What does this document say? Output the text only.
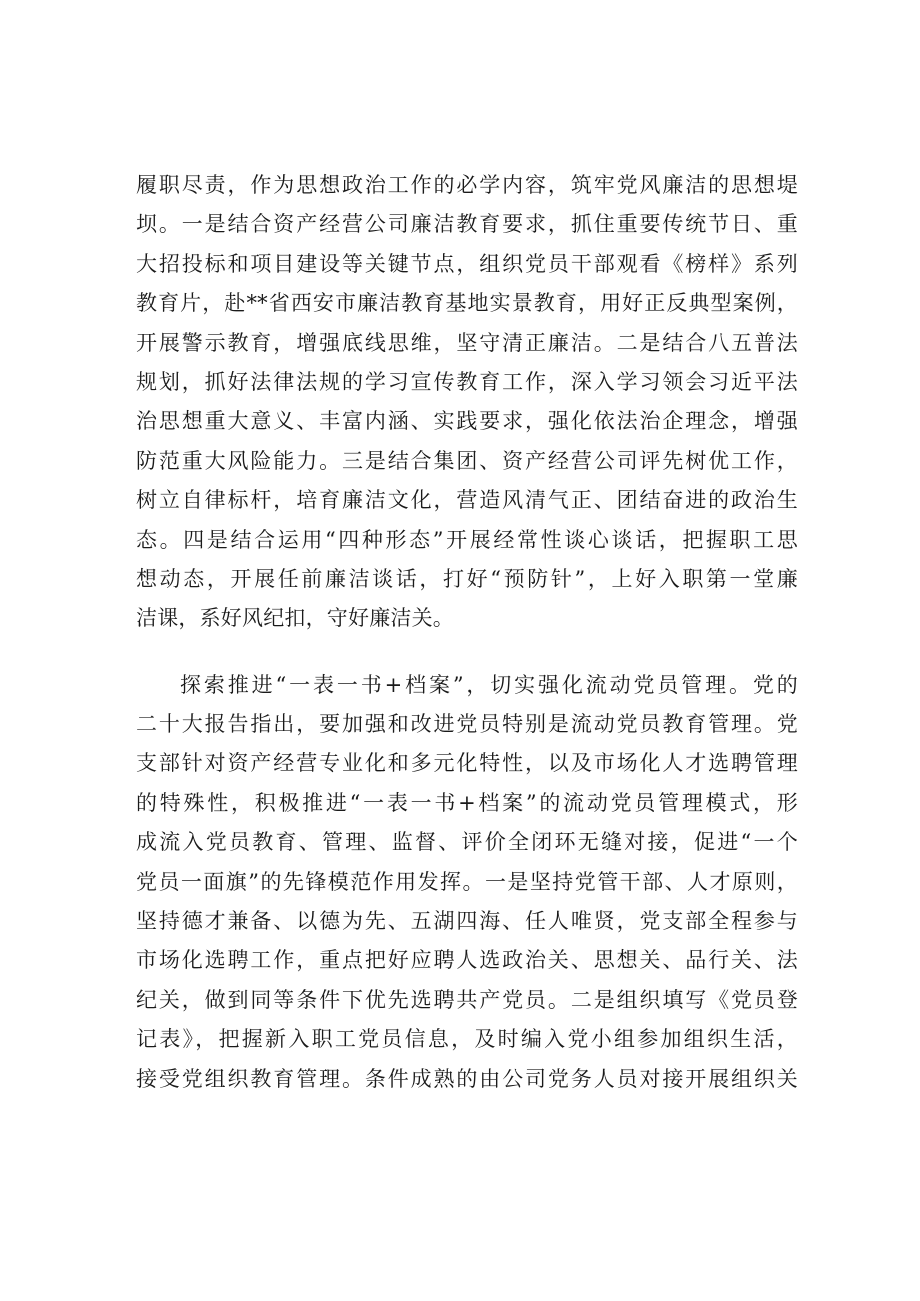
履职尽责，作为思想政治工作的必学内容，筑牢党风廉洁的思想堤
坝。一是结合资产经营公司廉洁教育要求，抓住重要传统节日、重
大招投标和项目建设等关键节点，组织党员干部观看《榜样》系列
教育片，赴**省西安市廉洁教育基地实景教育，用好正反典型案例，
开展警示教育，增强底线思维，坚守清正廉洁。二是结合八五普法
规划，抓好法律法规的学习宣传教育工作，深入学习领会习近平法
治思想重大意义、丰富内涵、实践要求，强化依法治企理念，增强
防范重大风险能力。三是结合集团、资产经营公司评先树优工作，
树立自律标杆，培育廉洁文化，营造风清气正、团结奋进的政治生
态。四是结合运用“四种形态”开展经常性谈心谈话，把握职工思
想动态，开展任前廉洁谈话，打好“预防针”，上好入职第一堂廉
洁课，系好风纪扣，守好廉洁关。
探索推进“一表一书+档案”，切实强化流动党员管理。党的
二十大报告指出，要加强和改进党员特别是流动党员教育管理。党
支部针对资产经营专业化和多元化特性，以及市场化人才选聘管理
的特殊性，积极推进“一表一书+档案”的流动党员管理模式，形
成流入党员教育、管理、监督、评价全闭环无缝对接，促进“一个
党员一面旗”的先锋模范作用发挥。一是坚持党管干部、人才原则，
坚持德才兼备、以德为先、五湖四海、任人唯贤，党支部全程参与
市场化选聘工作，重点把好应聘人选政治关、思想关、品行关、法
纪关，做到同等条件下优先选聘共产党员。二是组织填写《党员登
记表》，把握新入职工党员信息，及时编入党小组参加组织生活，
接受党组织教育管理。条件成熟的由公司党务人员对接开展组织关
